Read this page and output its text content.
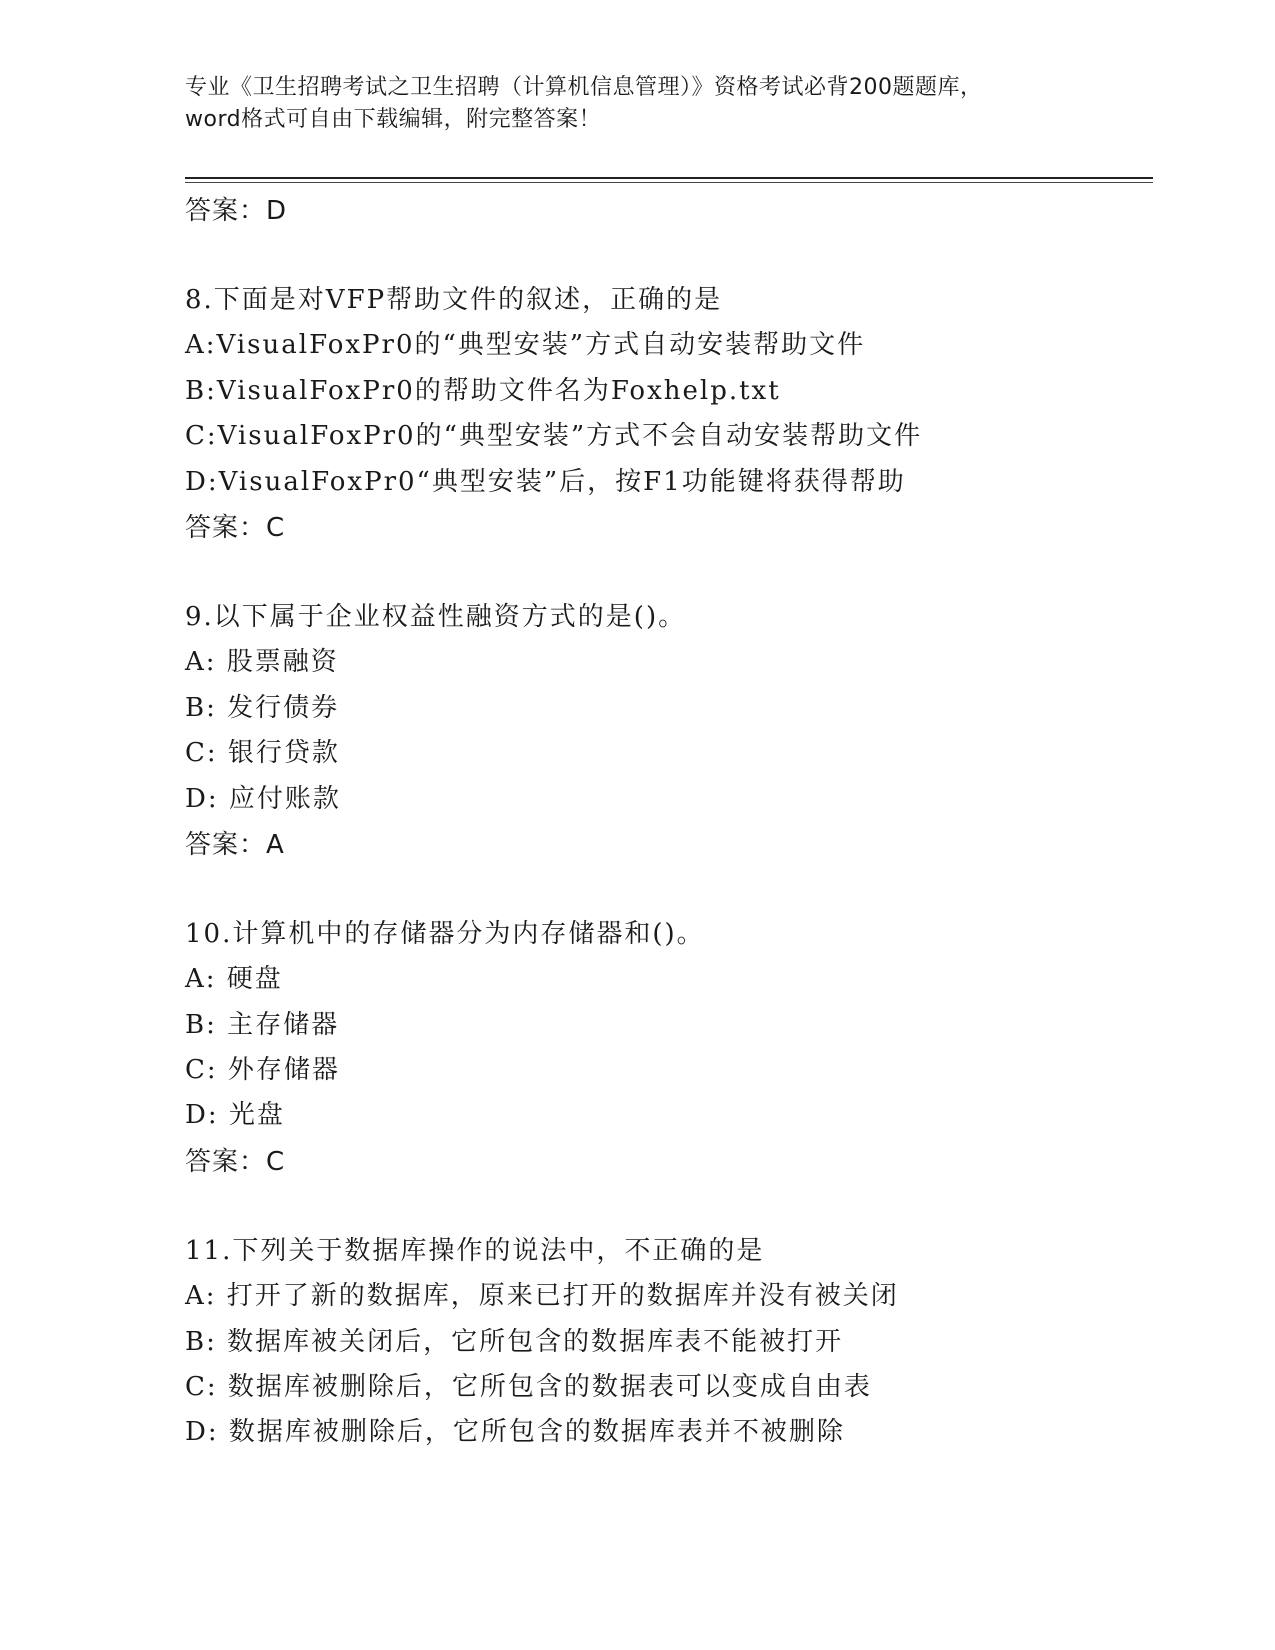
专业《卫生招聘考试之卫生招聘（计算机信息管理）》资格考试必背200题题库，
word格式可自由下载编辑，附完整答案！
答案：D
8.下面是对VFP帮助文件的叙述，正确的是
A:VisualFoxPr0的“典型安装”方式自动安装帮助文件
B:VisualFoxPr0的帮助文件名为Foxhelp.txt
C:VisualFoxPr0的“典型安装”方式不会自动安装帮助文件
D:VisualFoxPr0“典型安装”后，按F1功能键将获得帮助
答案：C
9.以下属于企业权益性融资方式的是()。
A: 股票融资
B: 发行债券
C: 银行贷款
D: 应付账款
答案：A
10.计算机中的存储器分为内存储器和()。
A: 硬盘
B: 主存储器
C: 外存储器
D: 光盘
答案：C
11.下列关于数据库操作的说法中，不正确的是
A: 打开了新的数据库，原来已打开的数据库并没有被关闭
B: 数据库被关闭后，它所包含的数据库表不能被打开
C: 数据库被删除后，它所包含的数据表可以变成自由表
D: 数据库被删除后，它所包含的数据库表并不被删除
